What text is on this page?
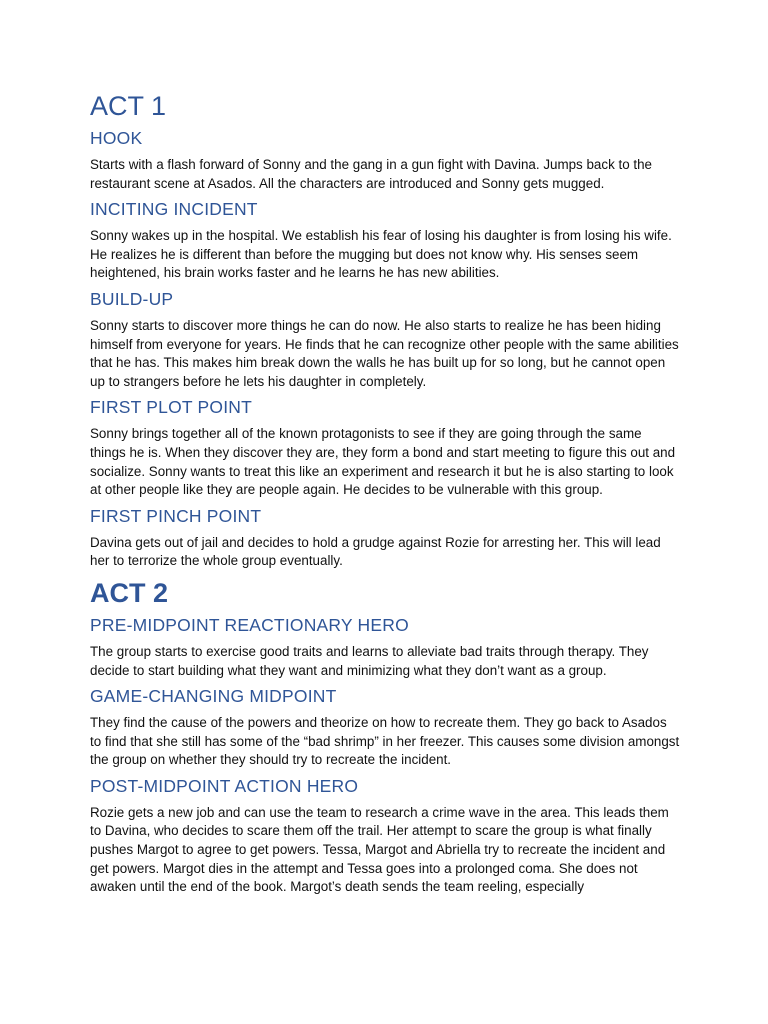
ACT 1
HOOK

Starts with a flash forward of Sonny and the gang in a gun fight with Davina. Jumps back to the restaurant scene at Asados. All the characters are introduced and Sonny gets mugged.

INCITING INCIDENT

Sonny wakes up in the hospital. We establish his fear of losing his daughter is from losing his wife. He realizes he is different than before the mugging but does not know why. His senses seem heightened, his brain works faster and he learns he has new abilities.

BUILD-UP

Sonny starts to discover more things he can do now. He also starts to realize he has been hiding himself from everyone for years. He finds that he can recognize other people with the same abilities that he has. This makes him break down the walls he has built up for so long, but he cannot open up to strangers before he lets his daughter in completely.

FIRST PLOT POINT

Sonny brings together all of the known protagonists to see if they are going through the same things he is. When they discover they are, they form a bond and start meeting to figure this out and socialize. Sonny wants to treat this like an experiment and research it but he is also starting to look at other people like they are people again. He decides to be vulnerable with this group.

FIRST PINCH POINT

Davina gets out of jail and decides to hold a grudge against Rozie for arresting her. This will lead her to terrorize the whole group eventually.

ACT 2
PRE-MIDPOINT REACTIONARY HERO

The group starts to exercise good traits and learns to alleviate bad traits through therapy. They decide to start building what they want and minimizing what they don’t want as a group.

GAME-CHANGING MIDPOINT

They find the cause of the powers and theorize on how to recreate them. They go back to Asados to find that she still has some of the “bad shrimp” in her freezer. This causes some division amongst the group on whether they should try to recreate the incident.

POST-MIDPOINT ACTION HERO

Rozie gets a new job and can use the team to research a crime wave in the area. This leads them to Davina, who decides to scare them off the trail. Her attempt to scare the group is what finally pushes Margot to agree to get powers. Tessa, Margot and Abriella try to recreate the incident and get powers. Margot dies in the attempt and Tessa goes into a prolonged coma. She does not awaken until the end of the book. Margot’s death sends the team reeling, especially
